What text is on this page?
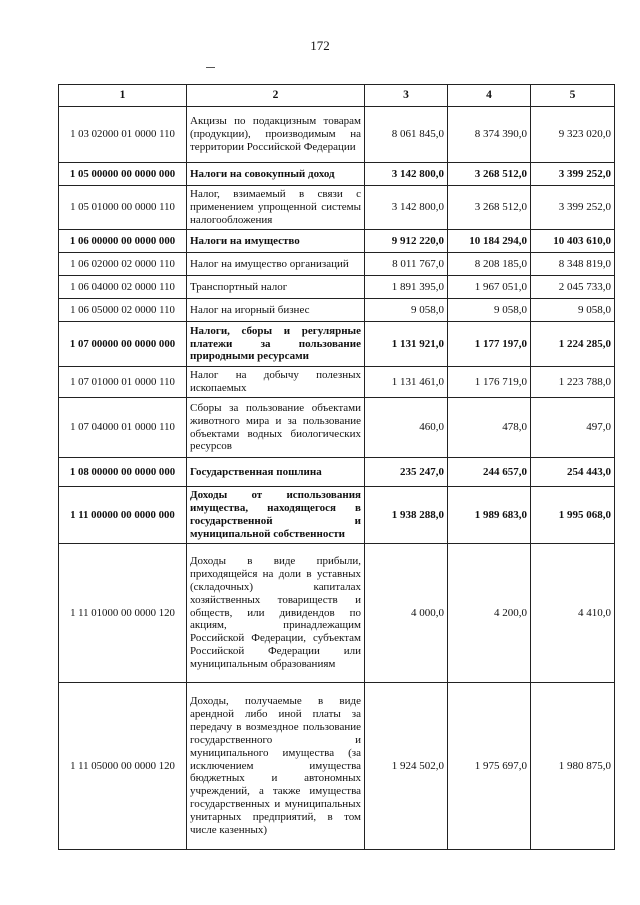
172
1	2	3	4	5
1 03 02000 01 0000 110	Акцизы по подакцизным товарам (продукции), производимым на территории Российской Федерации	8 061 845,0	8 374 390,0	9 323 020,0
1 05 00000 00 0000 000	Налоги на совокупный доход	3 142 800,0	3 268 512,0	3 399 252,0
1 05 01000 00 0000 110	Налог, взимаемый в связи с применением упрощенной системы налогообложения	3 142 800,0	3 268 512,0	3 399 252,0
1 06 00000 00 0000 000	Налоги на имущество	9 912 220,0	10 184 294,0	10 403 610,0
1 06 02000 02 0000 110	Налог на имущество организаций	8 011 767,0	8 208 185,0	8 348 819,0
1 06 04000 02 0000 110	Транспортный налог	1 891 395,0	1 967 051,0	2 045 733,0
1 06 05000 02 0000 110	Налог на игорный бизнес	9 058,0	9 058,0	9 058,0
1 07 00000 00 0000 000	Налоги, сборы и регулярные платежи за пользование природными ресурсами	1 131 921,0	1 177 197,0	1 224 285,0
1 07 01000 01 0000 110	Налог на добычу полезных ископаемых	1 131 461,0	1 176 719,0	1 223 788,0
1 07 04000 01 0000 110	Сборы за пользование объектами животного мира и за пользование объектами водных биологических ресурсов	460,0	478,0	497,0
1 08 00000 00 0000 000	Государственная пошлина	235 247,0	244 657,0	254 443,0
1 11 00000 00 0000 000	Доходы от использования имущества, находящегося в государственной и муниципальной собственности	1 938 288,0	1 989 683,0	1 995 068,0
1 11 01000 00 0000 120	Доходы в виде прибыли, приходящейся на доли в уставных (складочных) капиталах хозяйственных товариществ и обществ, или дивидендов по акциям, принадлежащим Российской Федерации, субъектам Российской Федерации или муниципальным образованиям	4 000,0	4 200,0	4 410,0
1 11 05000 00 0000 120	Доходы, получаемые в виде арендной либо иной платы за передачу в возмездное пользование государственного и муниципального имущества (за исключением имущества бюджетных и автономных учреждений, а также имущества государственных и муниципальных унитарных предприятий, в том числе казенных)	1 924 502,0	1 975 697,0	1 980 875,0
